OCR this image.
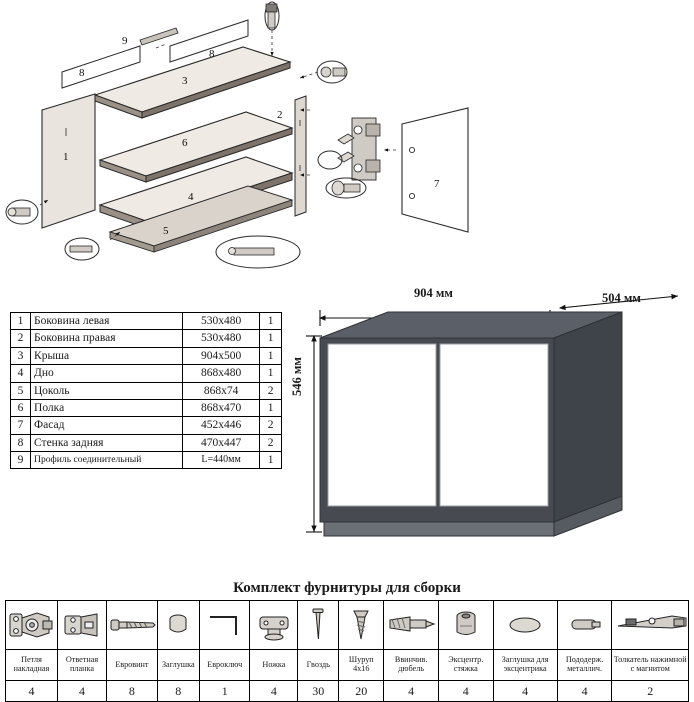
1
2
3
4
5
6
7
8
8
9
1	Боковина левая	530х480	1
2	Боковина правая	530х480	1
3	Крыша	904х500	1
4	Дно	868х480	1
5	Цоколь	868х74	2
6	Полка	868х470	1
7	Фасад	452х446	2
8	Стенка задняя	470х447	2
9	Профиль соединительный	L=440мм	1
904 мм	504 мм
546 мм
Комплект фурнитуры для сборки

Петля накладная	Ответная планка	Евровинт	Заглушка	Евроключ	Ножка	Гвоздь	Шуруп 4х16	Ввинчив. дюбель	Эксцентр. стяжка	Заглушка для эксцентрика	Пододерж. металлич.	Толкатель нажимной с магнитом
4	4	8	8	1	4	30	20	4	4	4	4	2
